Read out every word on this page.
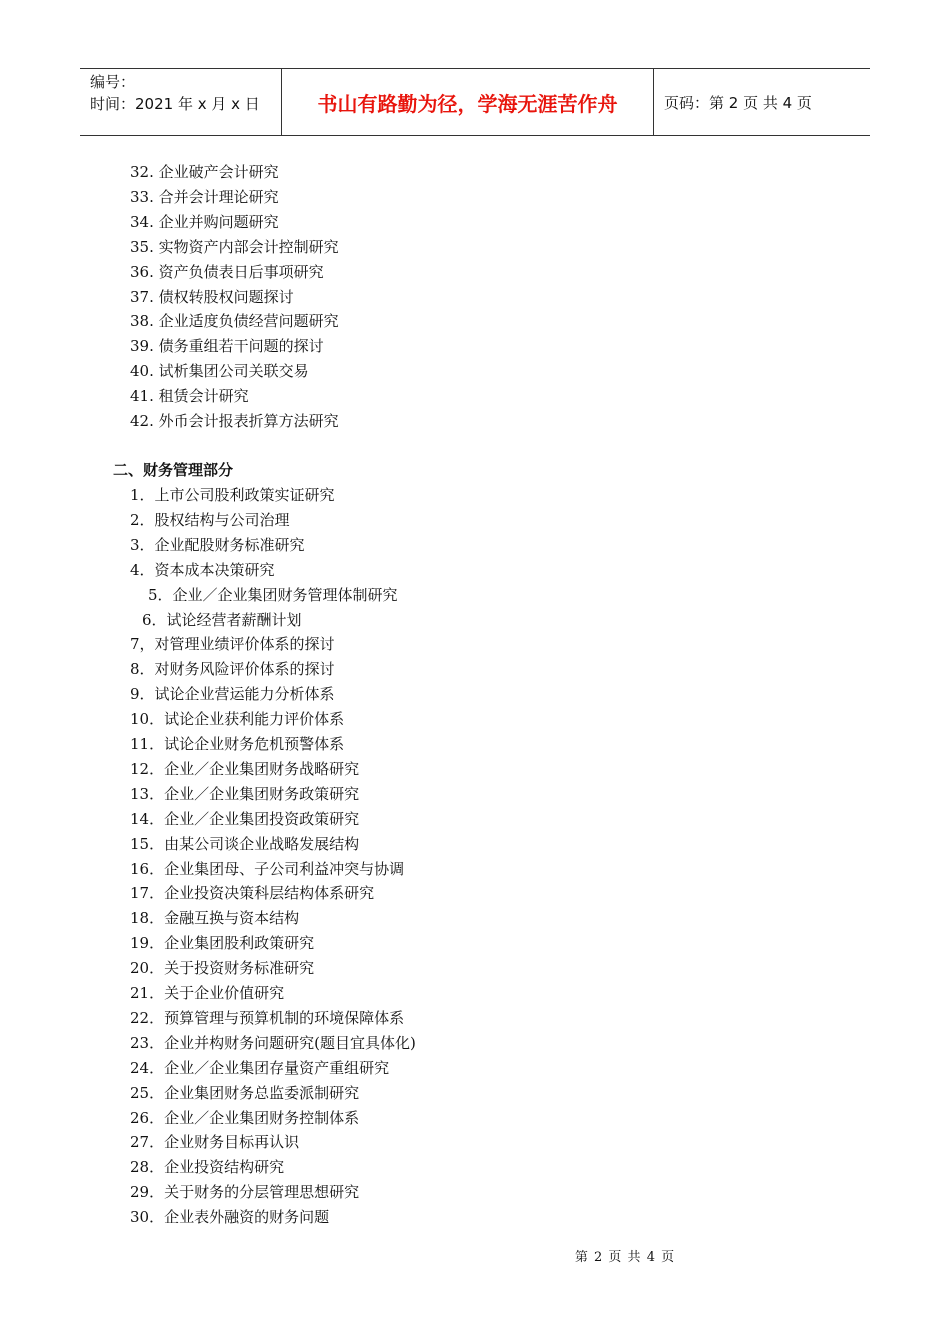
编号：
时间：2021 年 x 月 x 日	书山有路勤为径，学海无涯苦作舟	页码：第 2 页 共 4 页
32. 企业破产会计研究
33. 合并会计理论研究
34. 企业并购问题研究
35. 实物资产内部会计控制研究
36. 资产负债表日后事项研究
37. 债权转股权问题探讨
38. 企业适度负债经营问题研究
39. 债务重组若干问题的探讨
40. 试析集团公司关联交易
41. 租赁会计研究
42. 外币会计报表折算方法研究
二、财务管理部分
1．上市公司股利政策实证研究
2．股权结构与公司治理
3．企业配股财务标准研究
4．资本成本决策研究
5．企业／企业集团财务管理体制研究
6．试论经营者薪酬计划
7，对管理业绩评价体系的探讨
8．对财务风险评价体系的探讨
9．试论企业营运能力分析体系
10．试论企业获利能力评价体系
11．试论企业财务危机预警体系
12．企业／企业集团财务战略研究
13．企业／企业集团财务政策研究
14．企业／企业集团投资政策研究
15．由某公司谈企业战略发展结构
16．企业集团母、子公司利益冲突与协调
17．企业投资决策科层结构体系研究
18．金融互换与资本结构
19．企业集团股利政策研究
20．关于投资财务标准研究
21．关于企业价值研究
22．预算管理与预算机制的环境保障体系
23．企业并构财务问题研究(题目宜具体化)
24．企业／企业集团存量资产重组研究
25．企业集团财务总监委派制研究
26．企业／企业集团财务控制体系
27．企业财务目标再认识
28．企业投资结构研究
29．关于财务的分层管理思想研究
30．企业表外融资的财务问题
第 2 页 共 4 页
